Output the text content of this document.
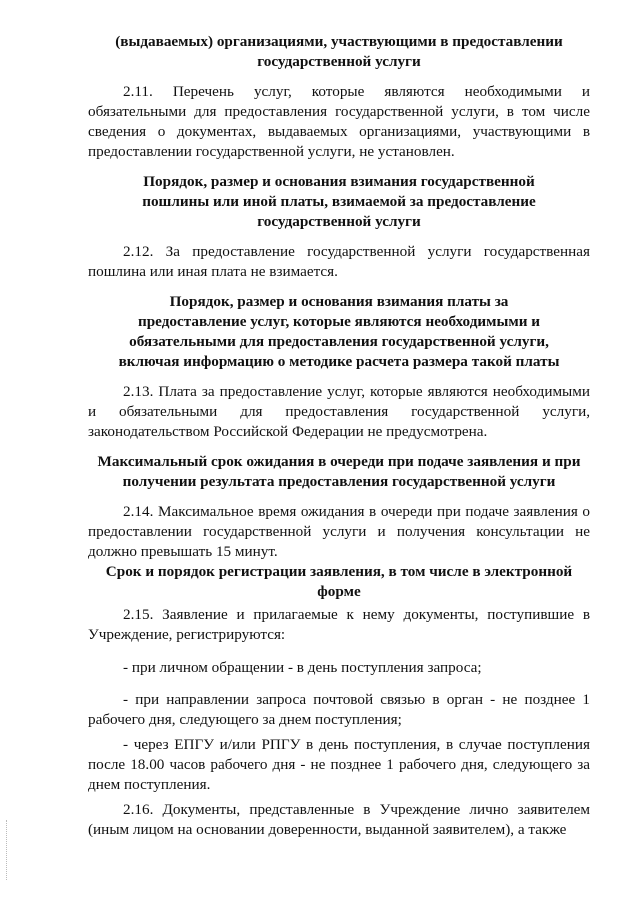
(выдаваемых) организациями, участвующими в предоставлении государственной услуги
2.11. Перечень услуг, которые являются необходимыми и обязательными для предоставления государственной услуги, в том числе сведения о документах, выдаваемых организациями, участвующими в предоставлении государственной услуги, не установлен.
Порядок, размер и основания взимания государственной пошлины или иной платы, взимаемой за предоставление государственной услуги
2.12. За предоставление государственной услуги государственная пошлина или иная плата не взимается.
Порядок, размер и основания взимания платы за предоставление услуг, которые являются необходимыми и обязательными для предоставления государственной услуги, включая информацию о методике расчета размера такой платы
2.13. Плата за предоставление услуг, которые являются необходимыми и обязательными для предоставления государственной услуги, законодательством Российской Федерации не предусмотрена.
Максимальный срок ожидания в очереди при подаче заявления и при получении результата предоставления государственной услуги
2.14. Максимальное время ожидания в очереди при подаче заявления о предоставлении государственной услуги и получения консультации не должно превышать 15 минут.
Срок и порядок регистрации заявления, в том числе в электронной форме
2.15. Заявление и прилагаемые к нему документы, поступившие в Учреждение, регистрируются:
- при личном обращении - в день поступления запроса;
- при направлении запроса почтовой связью в орган - не позднее 1 рабочего дня, следующего за днем поступления;
- через ЕПГУ и/или РПГУ в день поступления, в случае поступления после 18.00 часов рабочего дня - не позднее 1 рабочего дня, следующего за днем поступления.
2.16. Документы, представленные в Учреждение лично заявителем (иным лицом на основании доверенности, выданной заявителем), а также
